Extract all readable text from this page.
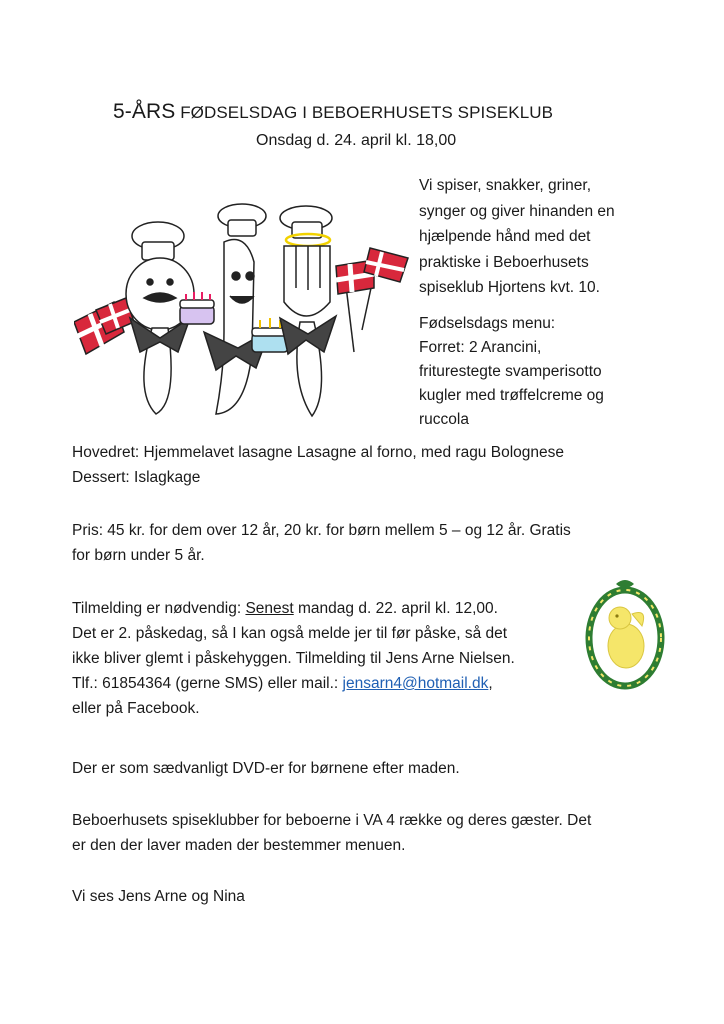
5-ÅRS FØDSELSDAG I BEBOERHUSETS SPISEKLUB
Onsdag d. 24. april kl. 18,00
Vi spiser, snakker, griner,
synger og giver hinanden en
hjælpende hånd med det
praktiske i Beboerhusets
spiseklub Hjortens kvt. 10.
Fødselsdags menu:
Forret: 2 Arancini,
friturestegte svamperisotto
kugler med trøffelcreme og
ruccola
Hovedret: Hjemmelavet lasagne Lasagne al forno, med ragu Bolognese
Dessert: Islagkage
Pris: 45 kr. for dem over 12 år, 20 kr. for børn mellem 5 – og 12 år. Gratis
for børn under 5 år.
Tilmelding er nødvendig: Senest mandag d. 22. april kl. 12,00.
Det er 2. påskedag, så I kan også melde jer til før påske, så det
ikke bliver glemt i påskehyggen. Tilmelding til Jens Arne Nielsen.
Tlf.: 61854364 (gerne SMS) eller mail.: jensarn4@hotmail.dk,
eller på Facebook.
Der er som sædvanligt DVD-er for børnene efter maden.
Beboerhusets spiseklubber for beboerne i VA 4 række og deres gæster. Det
er den der laver maden der bestemmer menuen.
Vi ses Jens Arne og Nina
